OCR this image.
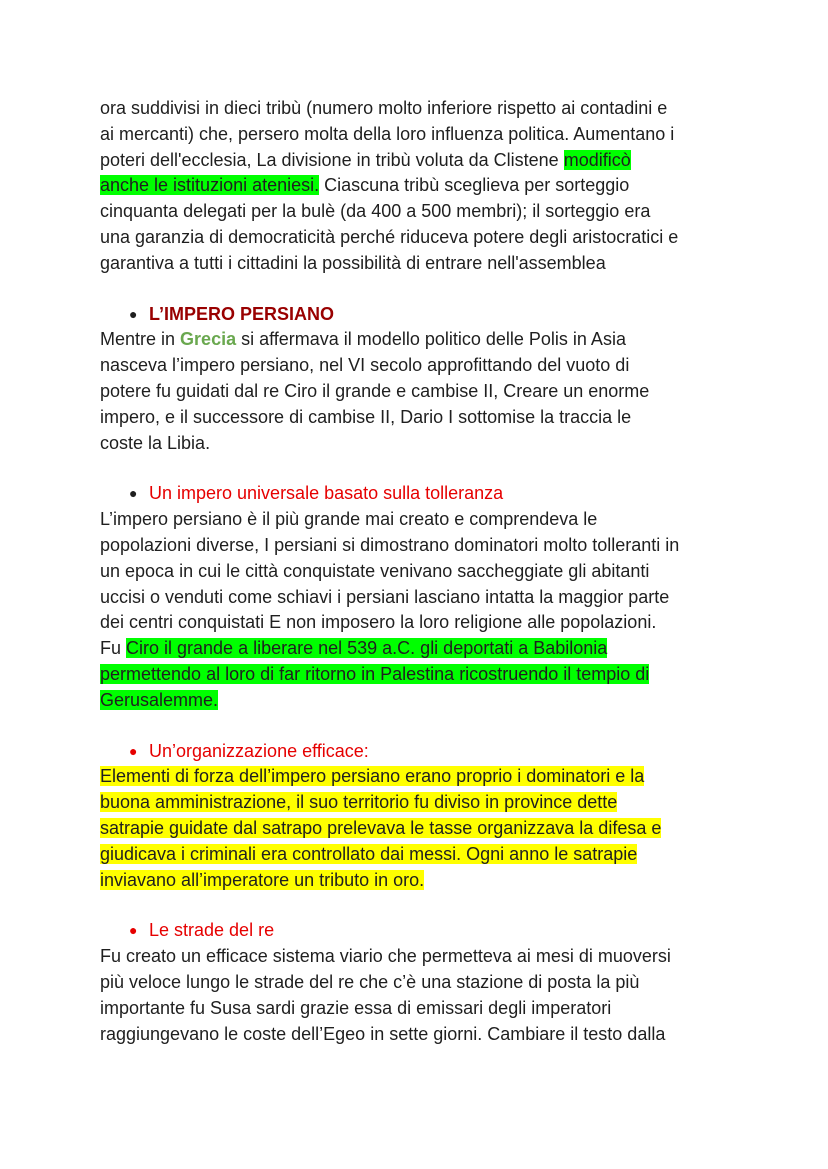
ora suddivisi in dieci tribù (numero molto inferiore rispetto ai contadini e
ai mercanti) che, persero molta della loro influenza politica. Aumentano i
poteri dell'ecclesia, La divisione in tribù voluta da Clistene modificò
anche le istituzioni ateniesi. Ciascuna tribù sceglieva per sorteggio
cinquanta delegati per la bulè (da 400 a 500 membri); il sorteggio era
una garanzia di democraticità perché riduceva potere degli aristocratici e
garantiva a tutti i cittadini la possibilità di entrare nell'assemblea
● L’IMPERO PERSIANO
Mentre in Grecia si affermava il modello politico delle Polis in Asia
nasceva l’impero persiano, nel VI secolo approfittando del vuoto di
potere fu guidati dal re Ciro il grande e cambise II, Creare un enorme
impero, e il successore di cambise II, Dario I sottomise la traccia le
coste la Libia.
● Un impero universale basato sulla tolleranza
L’impero persiano è il più grande mai creato e comprendeva le
popolazioni diverse, I persiani si dimostrano dominatori molto tolleranti in
un epoca in cui le città conquistate venivano saccheggiate gli abitanti
uccisi o venduti come schiavi i persiani lasciano intatta la maggior parte
dei centri conquistati E non imposero la loro religione alle popolazioni.
Fu Ciro il grande a liberare nel 539 a.C. gli deportati a Babilonia
permettendo al loro di far ritorno in Palestina ricostruendo il tempio di
Gerusalemme.
● Un’organizzazione efficace:
Elementi di forza dell’impero persiano erano proprio i dominatori e la
buona amministrazione, il suo territorio fu diviso in province dette
satrapie guidate dal satrapo prelevava le tasse organizzava la difesa e
giudicava i criminali era controllato dai messi. Ogni anno le satrapie
inviavano all’imperatore un tributo in oro.
● Le strade del re
Fu creato un efficace sistema viario che permetteva ai mesi di muoversi
più veloce lungo le strade del re che c’è una stazione di posta la più
importante fu Susa sardi grazie essa di emissari degli imperatori
raggiungevano le coste dell’Egeo in sette giorni. Cambiare il testo dalla
